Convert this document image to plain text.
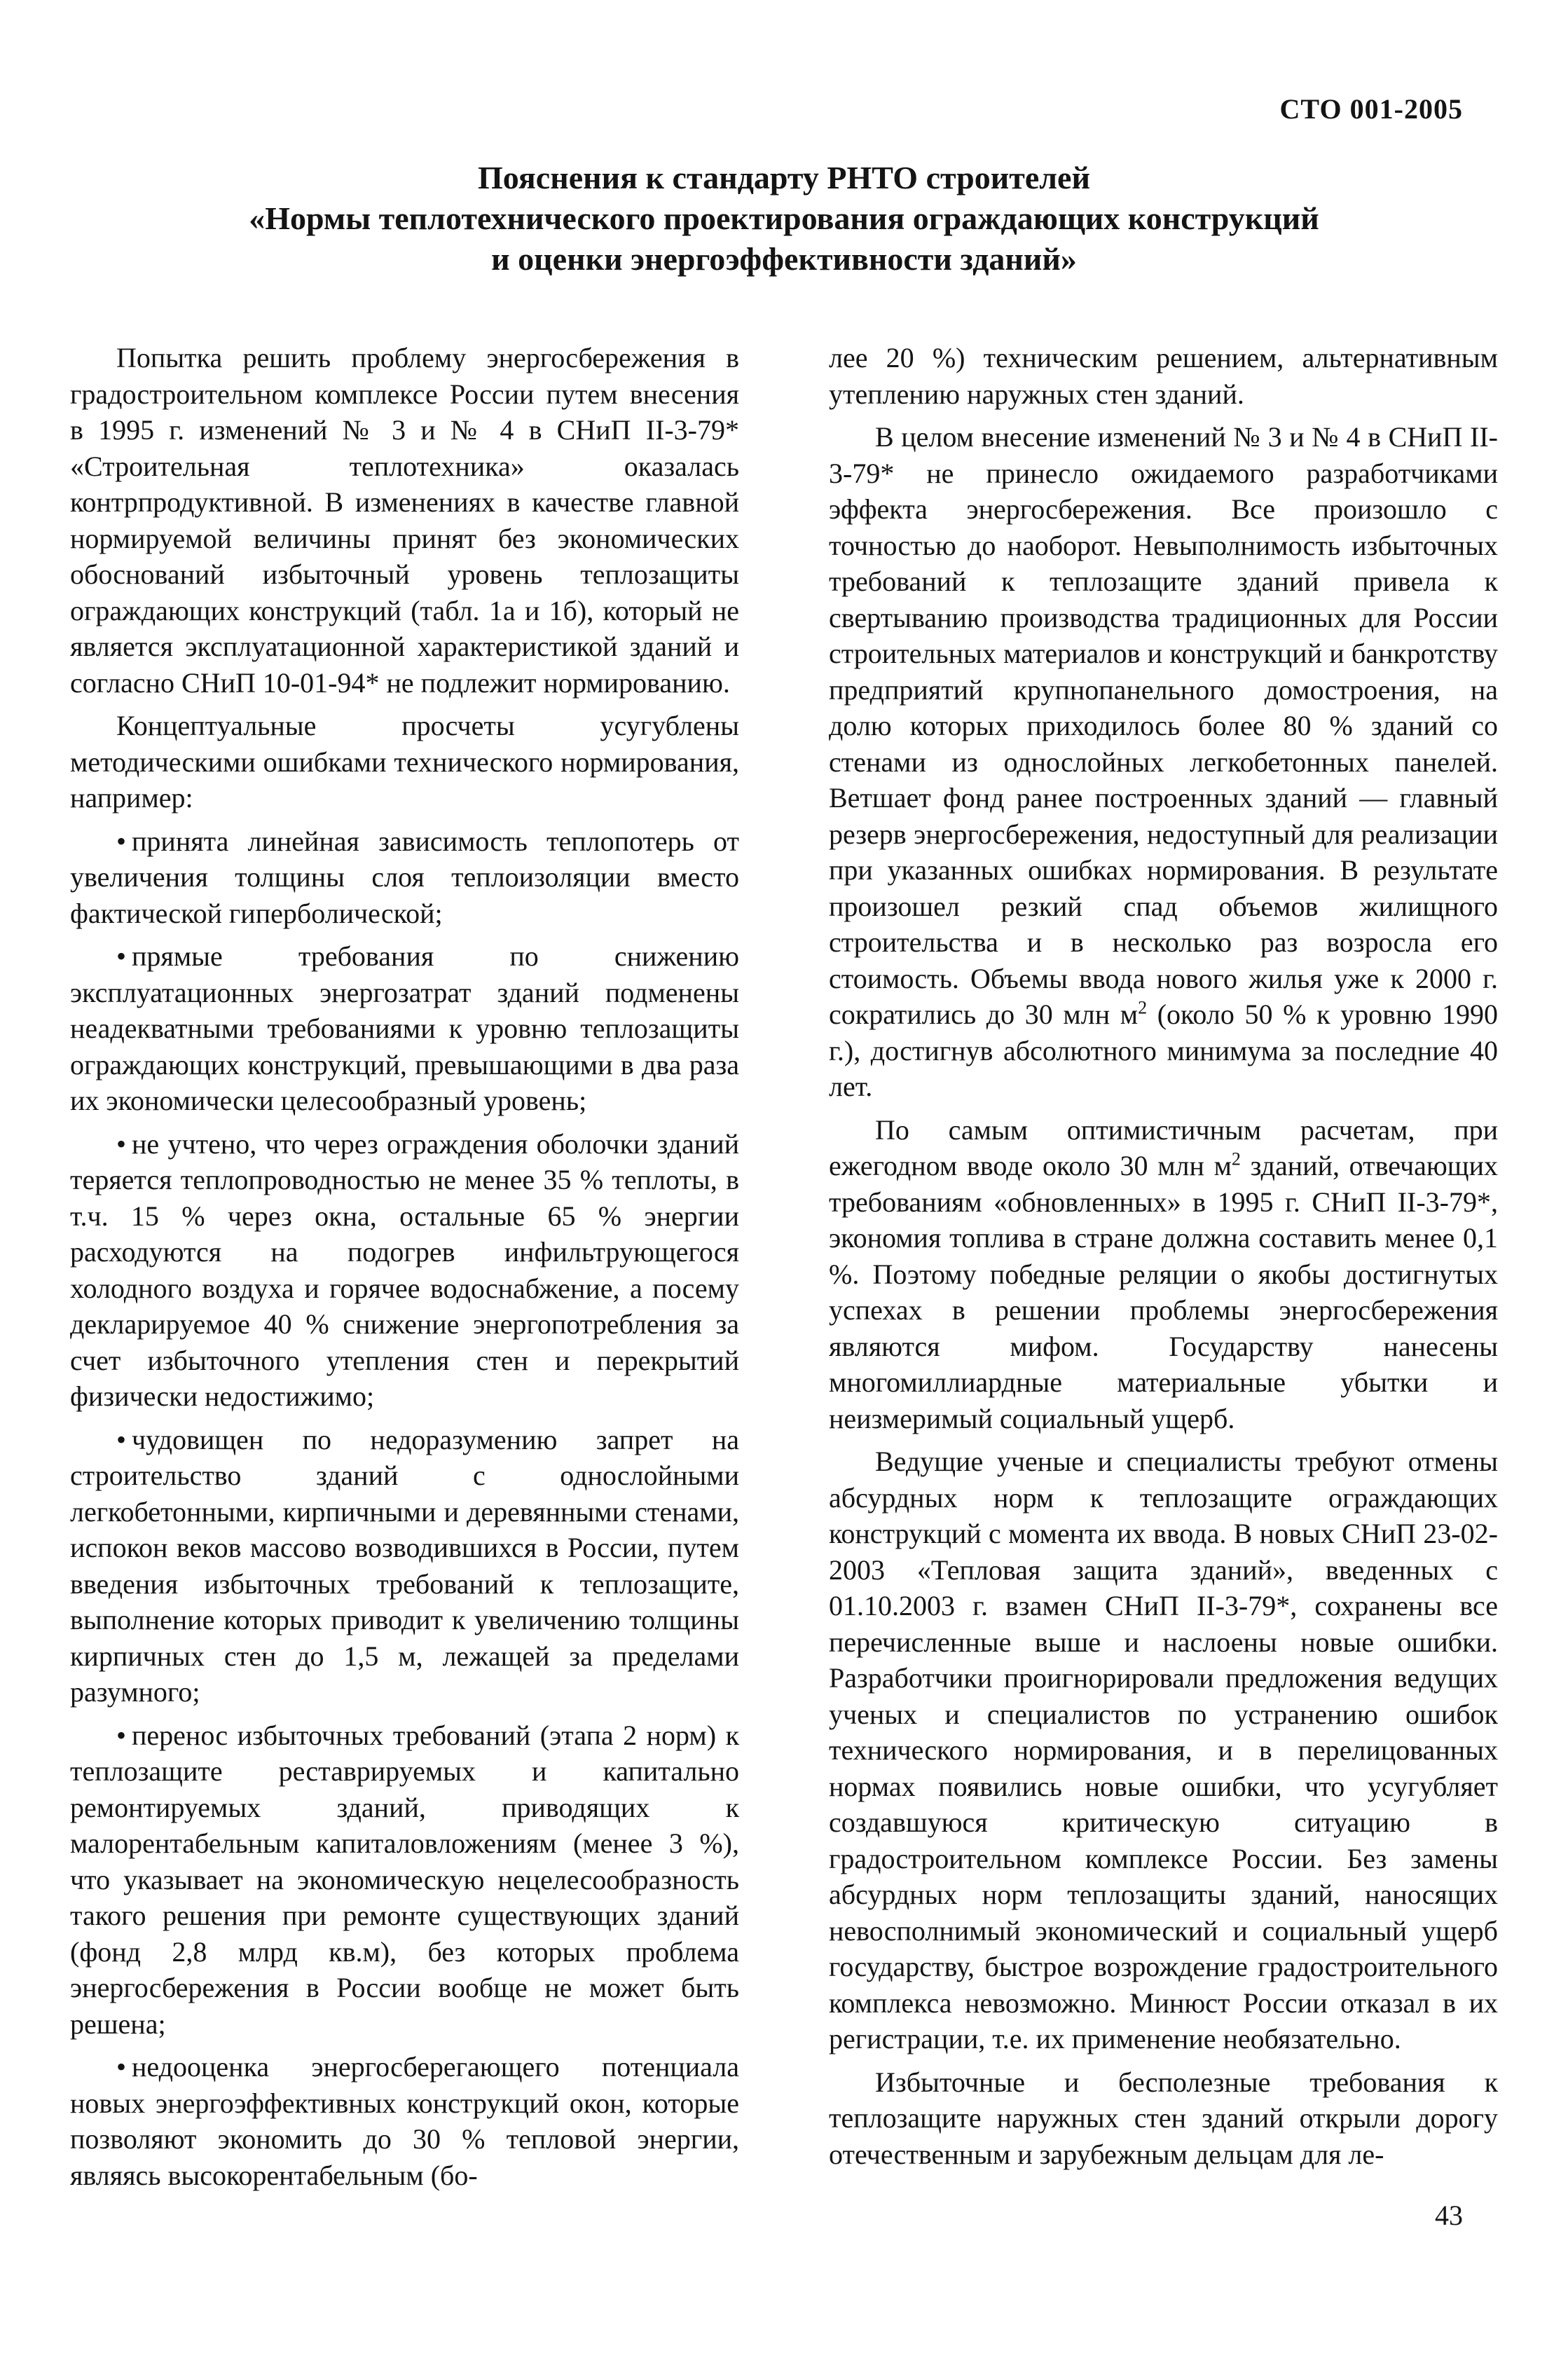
СТО 001-2005
Пояснения к стандарту РНТО строителей
«Нормы теплотехнического проектирования ограждающих конструкций
и оценки энергоэффективности зданий»

Попытка решить проблему энергосбережения в градостроительном комплексе России путем внесения в 1995 г. изменений № 3 и № 4 в СНиП II-3-79* «Строительная теплотехника» оказалась контрпродуктивной. В изменениях в качестве главной нормируемой величины принят без экономических обоснований избыточный уровень теплозащиты ограждающих конструкций (табл. 1а и 1б), который не является эксплуатационной характеристикой зданий и согласно СНиП 10-01-94* не подлежит нормированию.

Концептуальные просчеты усугублены методическими ошибками технического нормирования, например:

• принята линейная зависимость теплопотерь от увеличения толщины слоя теплоизоляции вместо фактической гиперболической;

• прямые требования по снижению эксплуатационных энергозатрат зданий подменены неадекватными требованиями к уровню теплозащиты ограждающих конструкций, превышающими в два раза их экономически целесообразный уровень;

• не учтено, что через ограждения оболочки зданий теряется теплопроводностью не менее 35 % теплоты, в т.ч. 15 % через окна, остальные 65 % энергии расходуются на подогрев инфильтрующегося холодного воздуха и горячее водоснабжение, а посему декларируемое 40 % снижение энергопотребления за счет избыточного утепления стен и перекрытий физически недостижимо;

• чудовищен по недоразумению запрет на строительство зданий с однослойными легкобетонными, кирпичными и деревянными стенами, испокон веков массово возводившихся в России, путем введения избыточных требований к теплозащите, выполнение которых приводит к увеличению толщины кирпичных стен до 1,5 м, лежащей за пределами разумного;

• перенос избыточных требований (этапа 2 норм) к теплозащите реставрируемых и капитально ремонтируемых зданий, приводящих к малорентабельным капиталовложениям (менее 3 %), что указывает на экономическую нецелесообразность такого решения при ремонте существующих зданий (фонд 2,8 млрд кв.м), без которых проблема энергосбережения в России вообще не может быть решена;

• недооценка энергосберегающего потенциала новых энергоэффективных конструкций окон, которые позволяют экономить до 30 % тепловой энергии, являясь высокорентабельным (бо-

лее 20 %) техническим решением, альтернативным утеплению наружных стен зданий.

В целом внесение изменений № 3 и № 4 в СНиП II-3-79* не принесло ожидаемого разработчиками эффекта энергосбережения. Все произошло с точностью до наоборот. Невыполнимость избыточных требований к теплозащите зданий привела к свертыванию производства традиционных для России строительных материалов и конструкций и банкротству предприятий крупнопанельного домостроения, на долю которых приходилось более 80 % зданий со стенами из однослойных легкобетонных панелей. Ветшает фонд ранее построенных зданий — главный резерв энергосбережения, недоступный для реализации при указанных ошибках нормирования. В результате произошел резкий спад объемов жилищного строительства и в несколько раз возросла его стоимость. Объемы ввода нового жилья уже к 2000 г. сократились до 30 млн $м^2$ (около 50 % к уровню 1990 г.), достигнув абсолютного минимума за последние 40 лет.

По самым оптимистичным расчетам, при ежегодном вводе около 30 млн $м^2$ зданий, отвечающих требованиям «обновленных» в 1995 г. СНиП II-3-79*, экономия топлива в стране должна составить менее 0,1 %. Поэтому победные реляции о якобы достигнутых успехах в решении проблемы энергосбережения являются мифом. Государству нанесены многомиллиардные материальные убытки и неизмеримый социальный ущерб.

Ведущие ученые и специалисты требуют отмены абсурдных норм к теплозащите ограждающих конструкций с момента их ввода. В новых СНиП 23-02-2003 «Тепловая защита зданий», введенных с 01.10.2003 г. взамен СНиП II-3-79*, сохранены все перечисленные выше и наслоены новые ошибки. Разработчики проигнорировали предложения ведущих ученых и специалистов по устранению ошибок технического нормирования, и в перелицованных нормах появились новые ошибки, что усугубляет создавшуюся критическую ситуацию в градостроительном комплексе России. Без замены абсурдных норм теплозащиты зданий, наносящих невосполнимый экономический и социальный ущерб государству, быстрое возрождение градостроительного комплекса невозможно. Минюст России отказал в их регистрации, т.е. их применение необязательно.

Избыточные и бесполезные требования к теплозащите наружных стен зданий открыли дорогу отечественным и зарубежным дельцам для ле-

43
